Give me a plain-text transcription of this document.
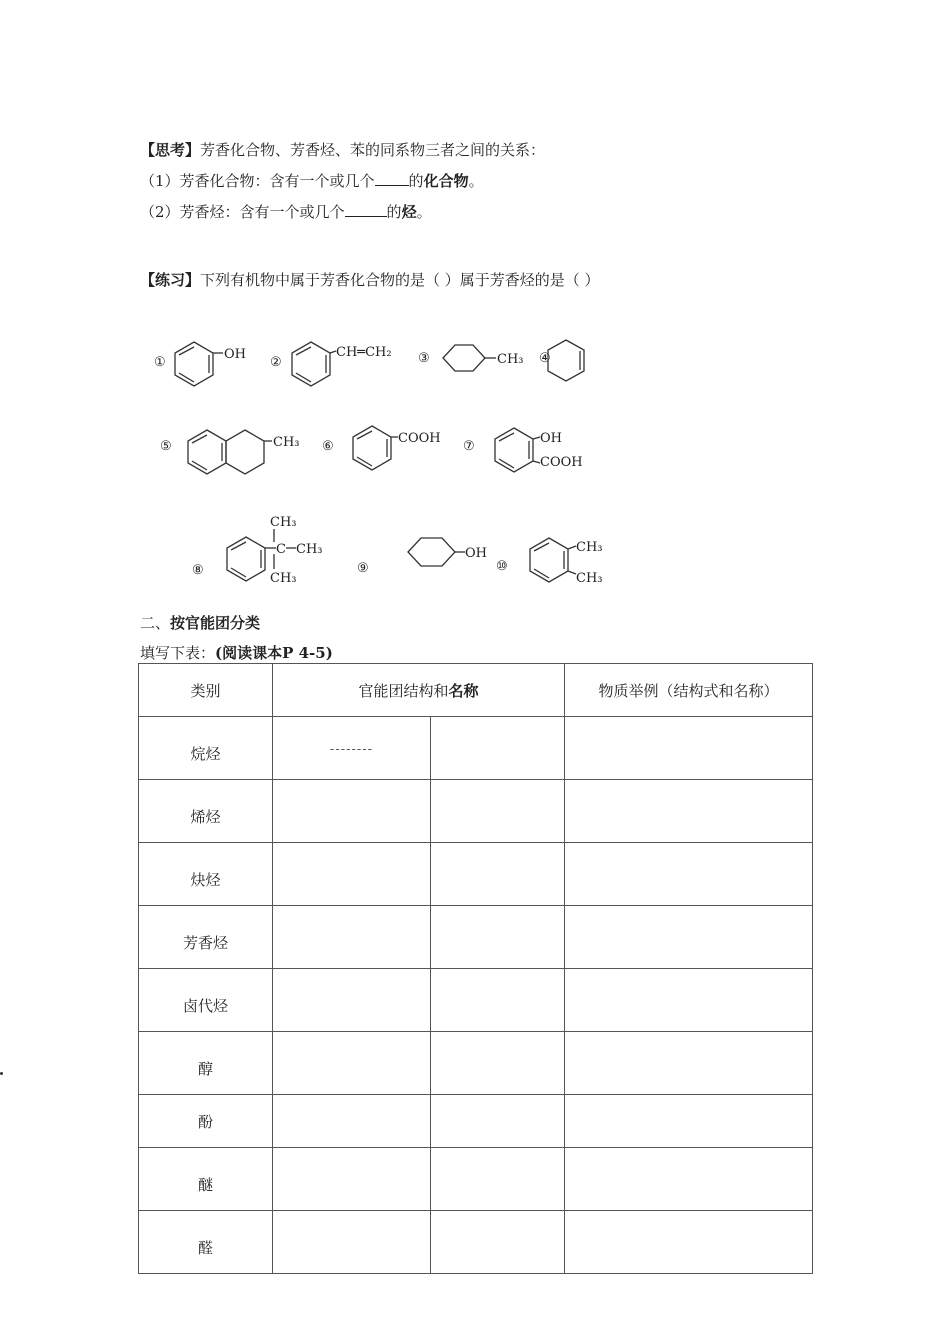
【思考】芳香化合物、芳香烃、苯的同系物三者之间的关系：
（1）芳香化合物：含有一个或几个 的化合物。
（2）芳香烃：含有一个或几个	的烃。
【练习】下列有机物中属于芳香化合物的是（ ）属于芳香烃的是（ ）
①
OH
②
CH═CH₂ ③	CH₃ ④
⑤	CH₃ ⑥
COOH
⑦
OH
COOH
CH₃
C CH₃
CH₃
⑧	⑨
OH
⑩
CH₃
CH₃
二、按官能团分类
填写下表：(阅读课本P 4-5)
类别	官能团结构和名称		物质举例（结构式和名称）
烷烃	--------		
烯烃			
炔烃			
芳香烃			
卤代烃			
醇			
酚			
醚			
醛			
